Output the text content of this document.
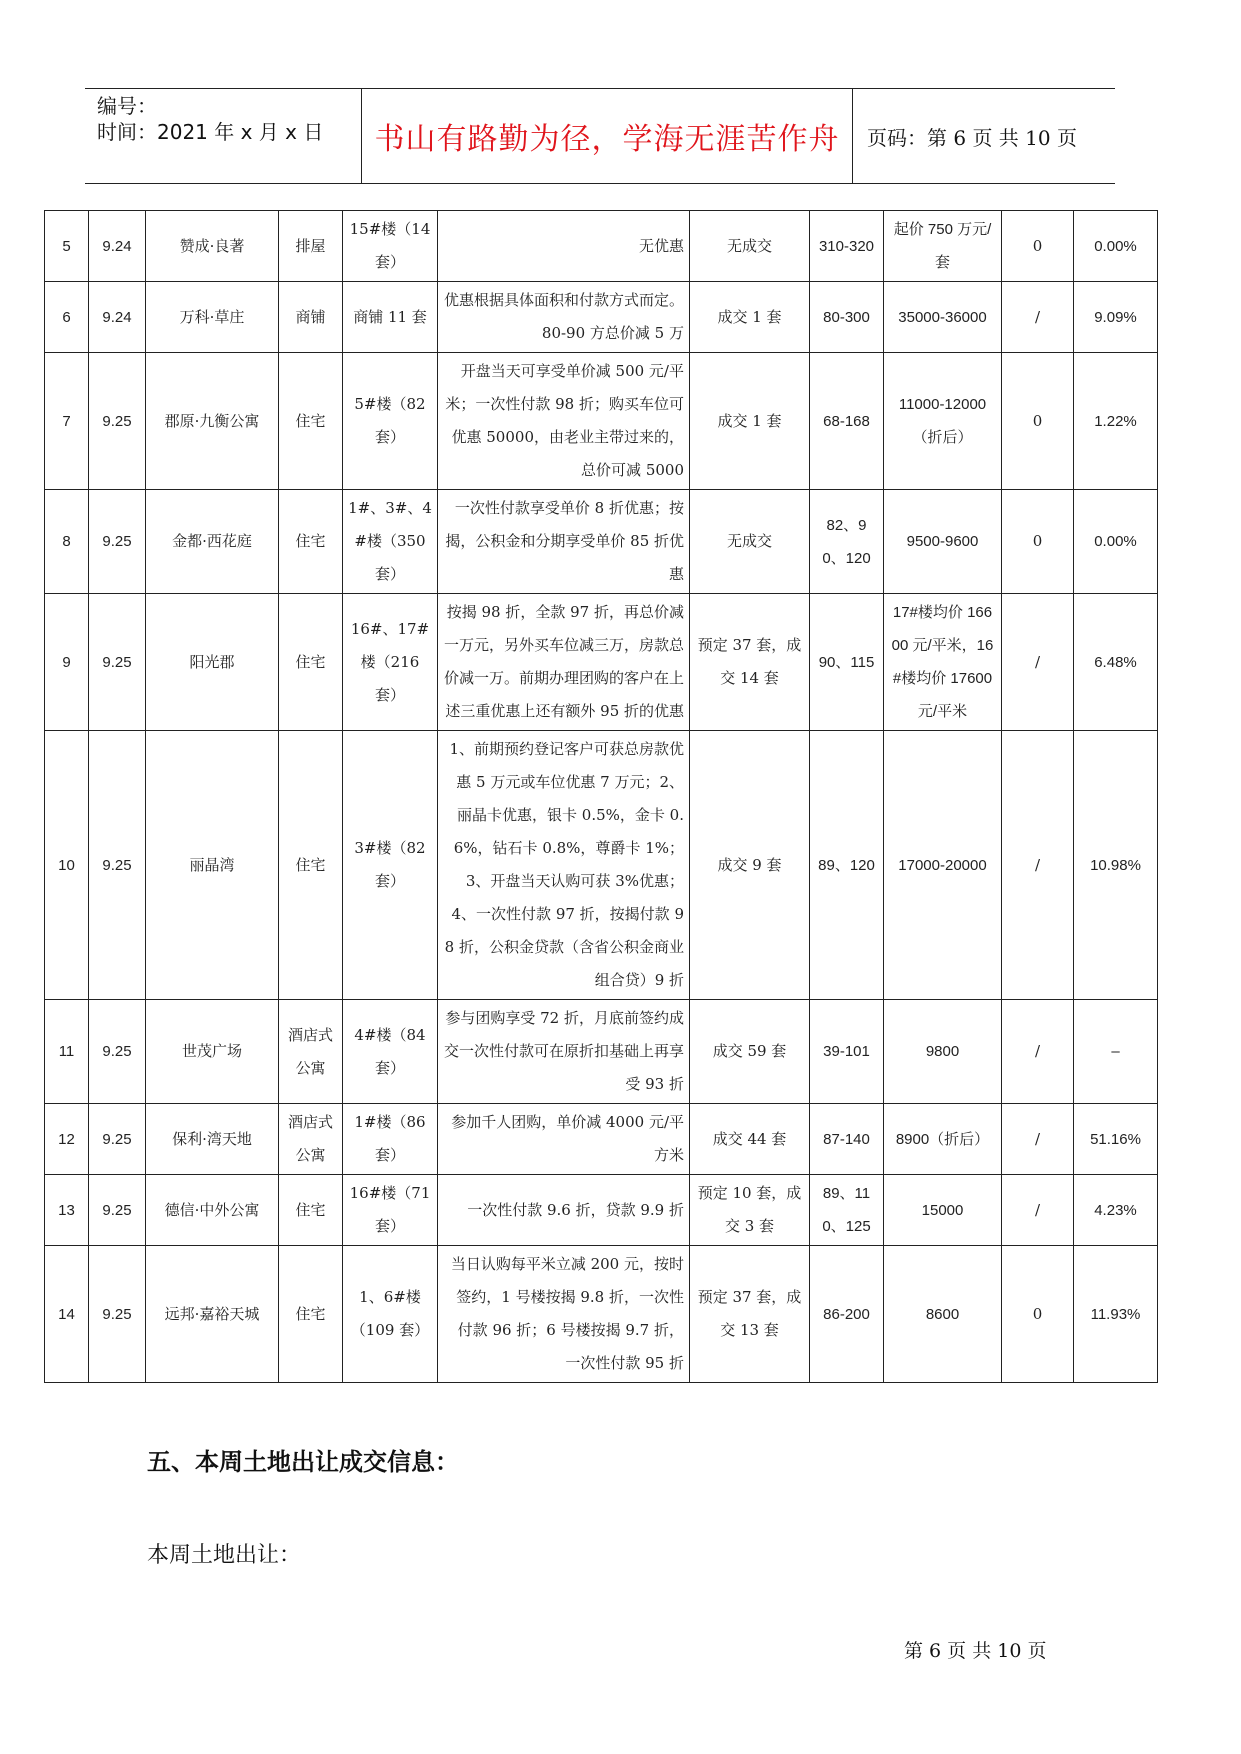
编号：
时间：2021 年 x 月 x 日	书山有路勤为径，学海无涯苦作舟	页码：第 6 页 共 10 页
5	9.24	赞成·良著	排屋	15#楼（14 套）	无优惠	无成交	310-320	起价 750 万元/套	0	0.00%
6	9.24	万科·草庄	商铺	商铺 11 套	优惠根据具体面积和付款方式而定。80-90 方总价减 5 万	成交 1 套	80-300	35000-36000	/	9.09%
7	9.25	郡原·九衡公寓	住宅	5#楼（82 套）	开盘当天可享受单价减 500 元/平米；一次性付款 98 折；购买车位可优惠 50000，由老业主带过来的，总价可减 5000	成交 1 套	68-168	11000-12000（折后）	0	1.22%
8	9.25	金都·西花庭	住宅	1#、3#、4#楼（350 套）	一次性付款享受单价 8 折优惠；按揭，公积金和分期享受单价 85 折优惠	无成交	82、90、120	9500-9600	0	0.00%
9	9.25	阳光郡	住宅	16#、17#楼（216 套）	按揭 98 折，全款 97 折，再总价减一万元，另外买车位减三万，房款总价减一万。前期办理团购的客户在上述三重优惠上还有额外 95 折的优惠	预定 37 套，成交 14 套	90、115	17#楼均价 16600 元/平米，16#楼均价 17600 元/平米	/	6.48%
10	9.25	丽晶湾	住宅	3#楼（82 套）	1、前期预约登记客户可获总房款优惠 5 万元或车位优惠 7 万元；2、丽晶卡优惠，银卡 0.5%，金卡 0.6%，钻石卡 0.8%，尊爵卡 1%；3、开盘当天认购可获 3%优惠；4、一次性付款 97 折，按揭付款 98 折，公积金贷款（含省公积金商业组合贷）9 折	成交 9 套	89、120	17000-20000	/	10.98%
11	9.25	世茂广场	酒店式公寓	4#楼（84 套）	参与团购享受 72 折，月底前签约成交一次性付款可在原折扣基础上再享受 93 折	成交 59 套	39-101	9800	/	–
12	9.25	保利·湾天地	酒店式公寓	1#楼（86 套）	参加千人团购，单价减 4000 元/平方米	成交 44 套	87-140	8900（折后）	/	51.16%
13	9.25	德信·中外公寓	住宅	16#楼（71 套）	一次性付款 9.6 折，贷款 9.9 折	预定 10 套，成交 3 套	89、110、125	15000	/	4.23%
14	9.25	远邦·嘉裕天城	住宅	1、6#楼（109 套）	当日认购每平米立减 200 元，按时签约，1 号楼按揭 9.8 折，一次性付款 96 折；6 号楼按揭 9.7 折，一次性付款 95 折	预定 37 套，成交 13 套	86-200	8600	0	11.93%
五、本周土地出让成交信息：
本周土地出让：
第 6 页 共 10 页
